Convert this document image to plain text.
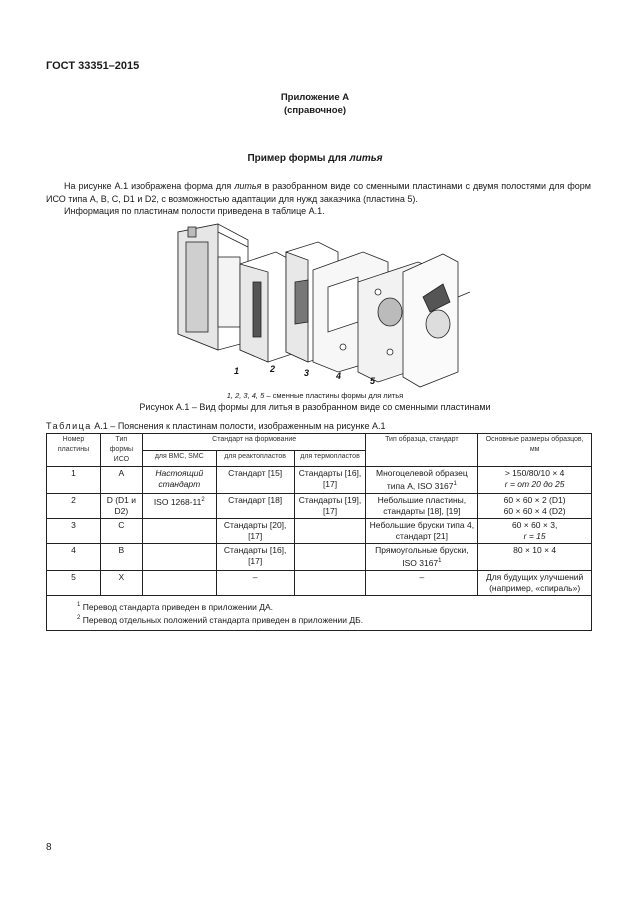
ГОСТ 33351–2015
Приложение А
(справочное)
Пример формы для литья
На рисунке А.1 изображена форма для литья в разобранном виде со сменными пластинами с двумя полостями для форм ИСО типа А, В, С, D1 и D2, с возможностью адаптации для нужд заказчика (пластина 5).
Информация по пластинам полости приведена в таблице А.1.
1	2	3	4	5
1, 2, 3, 4, 5 – сменные пластины формы для литья
Рисунок А.1 – Вид формы для литья в разобранном виде со сменными пластинами
Таблица А.1 – Пояснения к пластинам полости, изображенным на рисунке А.1
Номер пластины	Тип формы ИСО	Стандарт на формование			Тип образца, стандарт	Основные размеры образцов, мм
		для BMC, SMC	для реактопластов	для термопластов		
1	А	Настоящий стандарт	Стандарт [15]	Стандарты [16], [17]	Многоцелевой образец типа А, ISO $3167^1$	> 150/80/10 × 4
r = от 20 до 25

2	D (D1 и D2)	ISO $1268-11^2$	Стандарт [18]	Стандарты [19], [17]	Небольшие пластины, стандарты [18], [19]	60 × 60 × 2 (D1)
60 × 60 × 4 (D2)

3	С		Стандарты [20], [17]		Небольшие бруски типа 4, стандарт [21]	60 × 60 × 3,
r = 15

4	В		Стандарты [16], [17]		Прямоугольные бруски, ISO 3167$^1$	80 × 10 × 4

5	X		–		–	Для будущих улучшений (например, «спираль»)

$^1$ Перевод стандарта приведен в приложении ДА.
$^2$ Перевод отдельных положений стандарта приведен в приложении ДБ.						
8
